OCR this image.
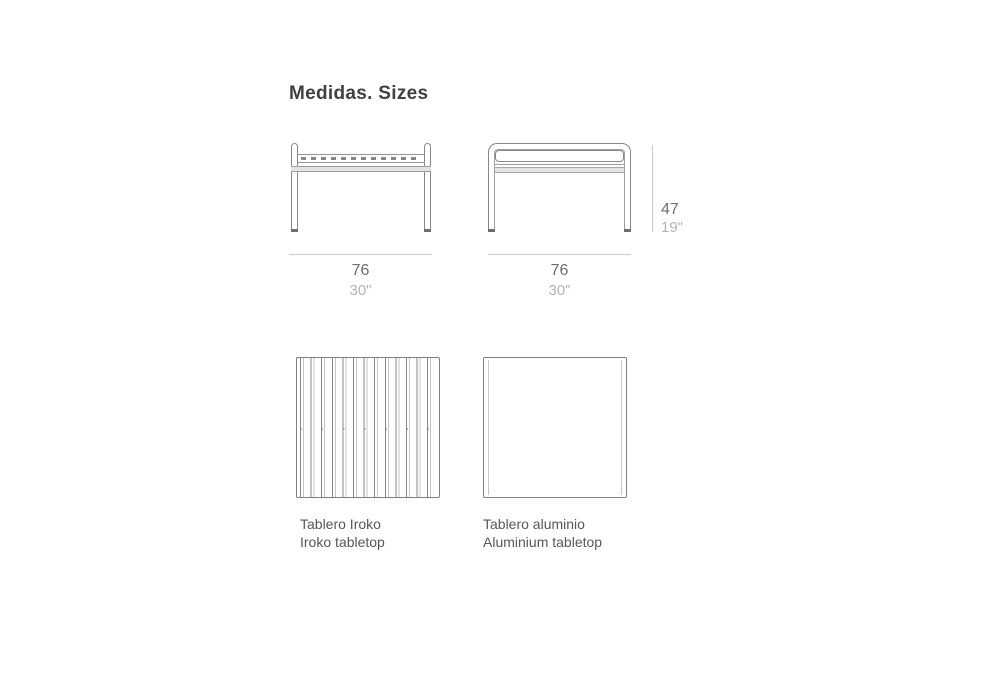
Medidas. Sizes
76
30"
76
30"
47
19"
Tablero Iroko
Iroko tabletop
Tablero aluminio
Aluminium tabletop
